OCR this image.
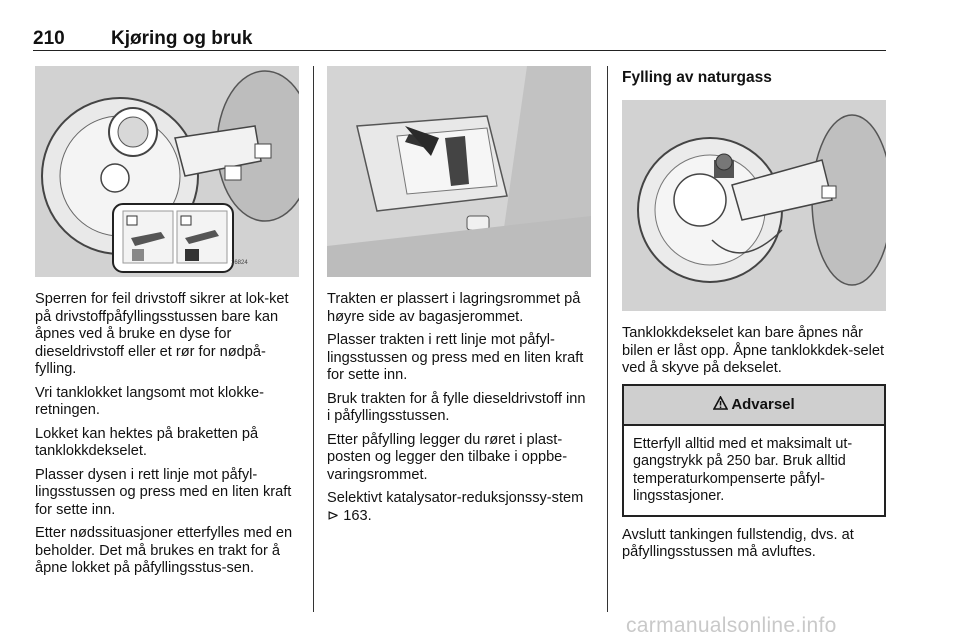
210 Kjøring og bruk
16824

Sperren for feil drivstoff sikrer at lok-ket på drivstoffpåfyllingsstussen bare kan åpnes ved å bruke en dyse for dieseldrivstoff eller et rør for nødpå-fylling.

Vri tanklokket langsomt mot klokke-retningen.

Lokket kan hektes på braketten på tanklokkdekselet.

Plasser dysen i rett linje mot påfyl-lingsstussen og press med en liten kraft for sette inn.

Etter nødssituasjoner etterfylles med en beholder. Det må brukes en trakt for å åpne lokket på påfyllingsstus-sen.

Trakten er plassert i lagringsrommet på høyre side av bagasjerommet.

Plasser trakten i rett linje mot påfyl-lingsstussen og press med en liten kraft for sette inn.

Bruk trakten for å fylle dieseldrivstoff inn i påfyllingsstussen.

Etter påfylling legger du røret i plast-posten og legger den tilbake i oppbe-varingsrommet.

Selektivt katalysator-reduksjonssy-stem ⊳ 163.

Fylling av naturgass

Tanklokkdekselet kan bare åpnes når bilen er låst opp. Åpne tanklokkdek-selet ved å skyve på dekselet.

Advarsel
Etterfyll alltid med et maksimalt ut-gangstrykk på 250 bar. Bruk alltid temperaturkompenserte påfyl-lingsstasjoner.

Avslutt tankingen fullstendig, dvs. at påfyllingsstussen må avluftes.

carmanualsonline.info
